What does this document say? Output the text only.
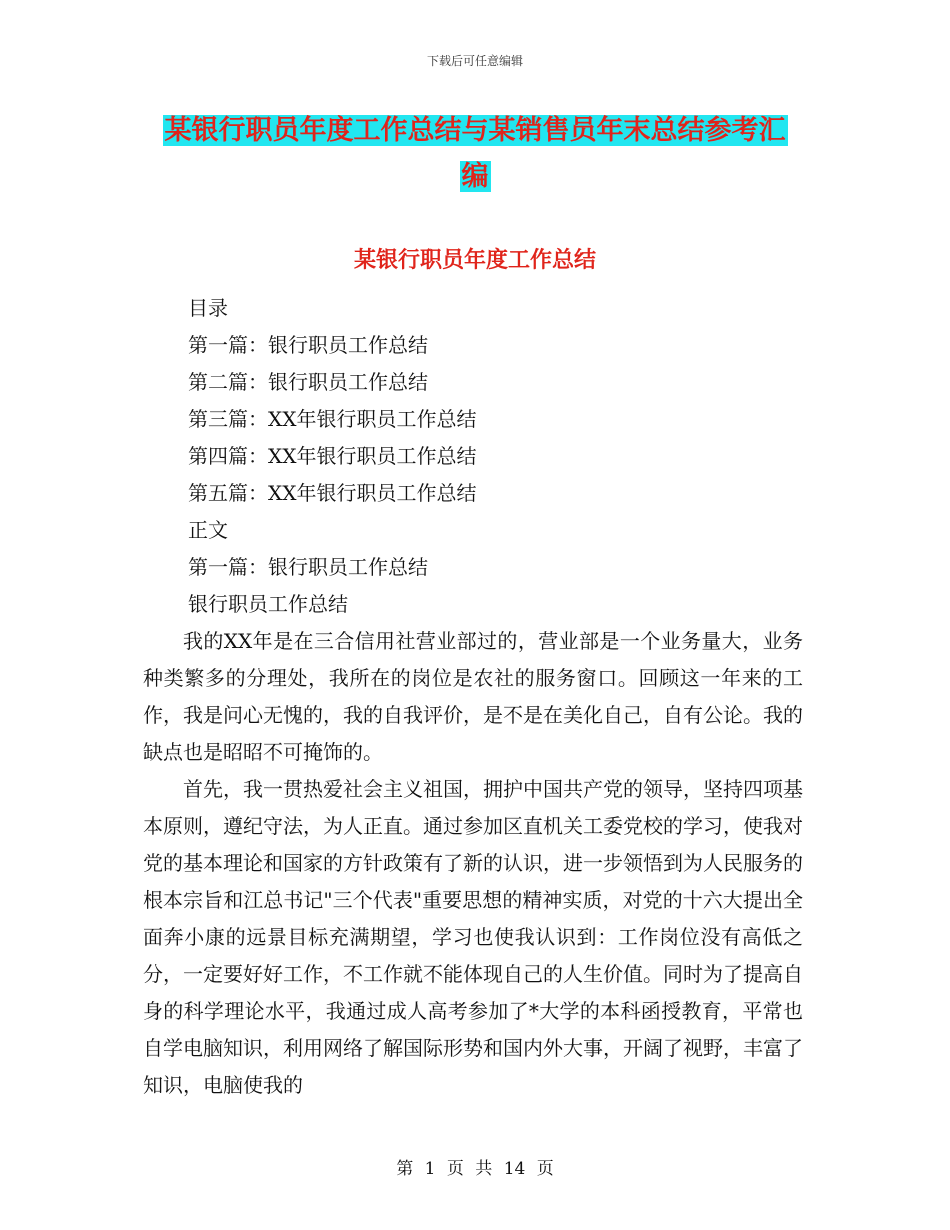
下载后可任意编辑
某银行职员年度工作总结与某销售员年末总结参考汇
编
某银行职员年度工作总结
目录
第一篇：银行职员工作总结
第二篇：银行职员工作总结
第三篇：XX年银行职员工作总结
第四篇：XX年银行职员工作总结
第五篇：XX年银行职员工作总结
正文
第一篇：银行职员工作总结
银行职员工作总结

我的XX年是在三合信用社营业部过的，营业部是一个业务量大，业务种类繁多的分理处，我所在的岗位是农社的服务窗口。回顾这一年来的工作，我是问心无愧的，我的自我评价，是不是在美化自己，自有公论。我的缺点也是昭昭不可掩饰的。

首先，我一贯热爱社会主义祖国，拥护中国共产党的领导，坚持四项基本原则，遵纪守法，为人正直。通过参加区直机关工委党校的学习，使我对党的基本理论和国家的方针政策有了新的认识，进一步领悟到为人民服务的根本宗旨和江总书记"三个代表"重要思想的精神实质，对党的十六大提出全面奔小康的远景目标充满期望，学习也使我认识到：工作岗位没有高低之分，一定要好好工作，不工作就不能体现自己的人生价值。同时为了提高自身的科学理论水平，我通过成人高考参加了*大学的本科函授教育，平常也自学电脑知识，利用网络了解国际形势和国内外大事，开阔了视野，丰富了知识，电脑使我的

第 1 页 共 14 页
